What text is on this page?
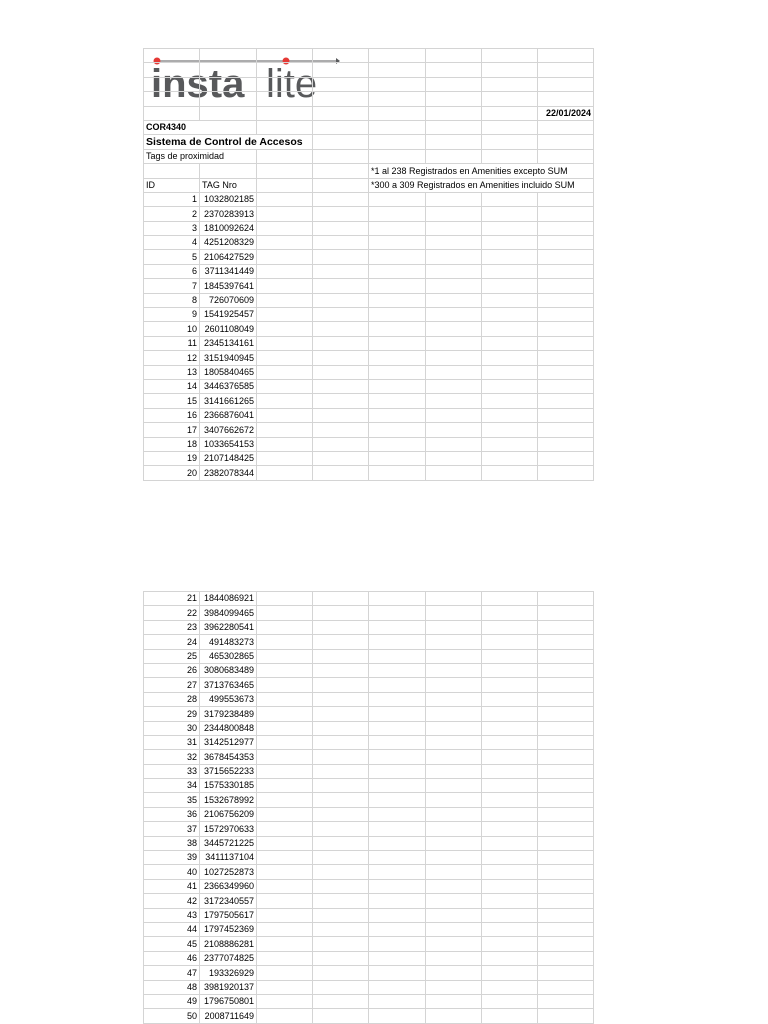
insta lite

							22/01/2024
COR4340							
Sistema de Control de Accesos							
Tags de proximidad							
				*1 al 238 Registrados en Amenities excepto SUM			
ID	TAG Nro			*300 a 309 Registrados en Amenities incluido SUM			
1	1032802185						
2	2370283913						
3	1810092624						
4	4251208329						
5	2106427529						
6	3711341449						
7	1845397641						
8	726070609						
9	1541925457						
10	2601108049						
11	2345134161						
12	3151940945						
13	1805840465						
14	3446376585						
15	3141661265						
16	2366876041						
17	3407662672						
18	1033654153						
19	2107148425						
20	2382078344						
21	1844086921						
22	3984099465						
23	3962280541						
24	491483273						
25	465302865						
26	3080683489						
27	3713763465						
28	499553673						
29	3179238489						
30	2344800848						
31	3142512977						
32	3678454353						
33	3715652233						
34	1575330185						
35	1532678992						
36	2106756209						
37	1572970633						
38	3445721225						
39	3411137104						
40	1027252873						
41	2366349960						
42	3172340557						
43	1797505617						
44	1797452369						
45	2108886281						
46	2377074825						
47	193326929						
48	3981920137						
49	1796750801						
50	2008711649						
